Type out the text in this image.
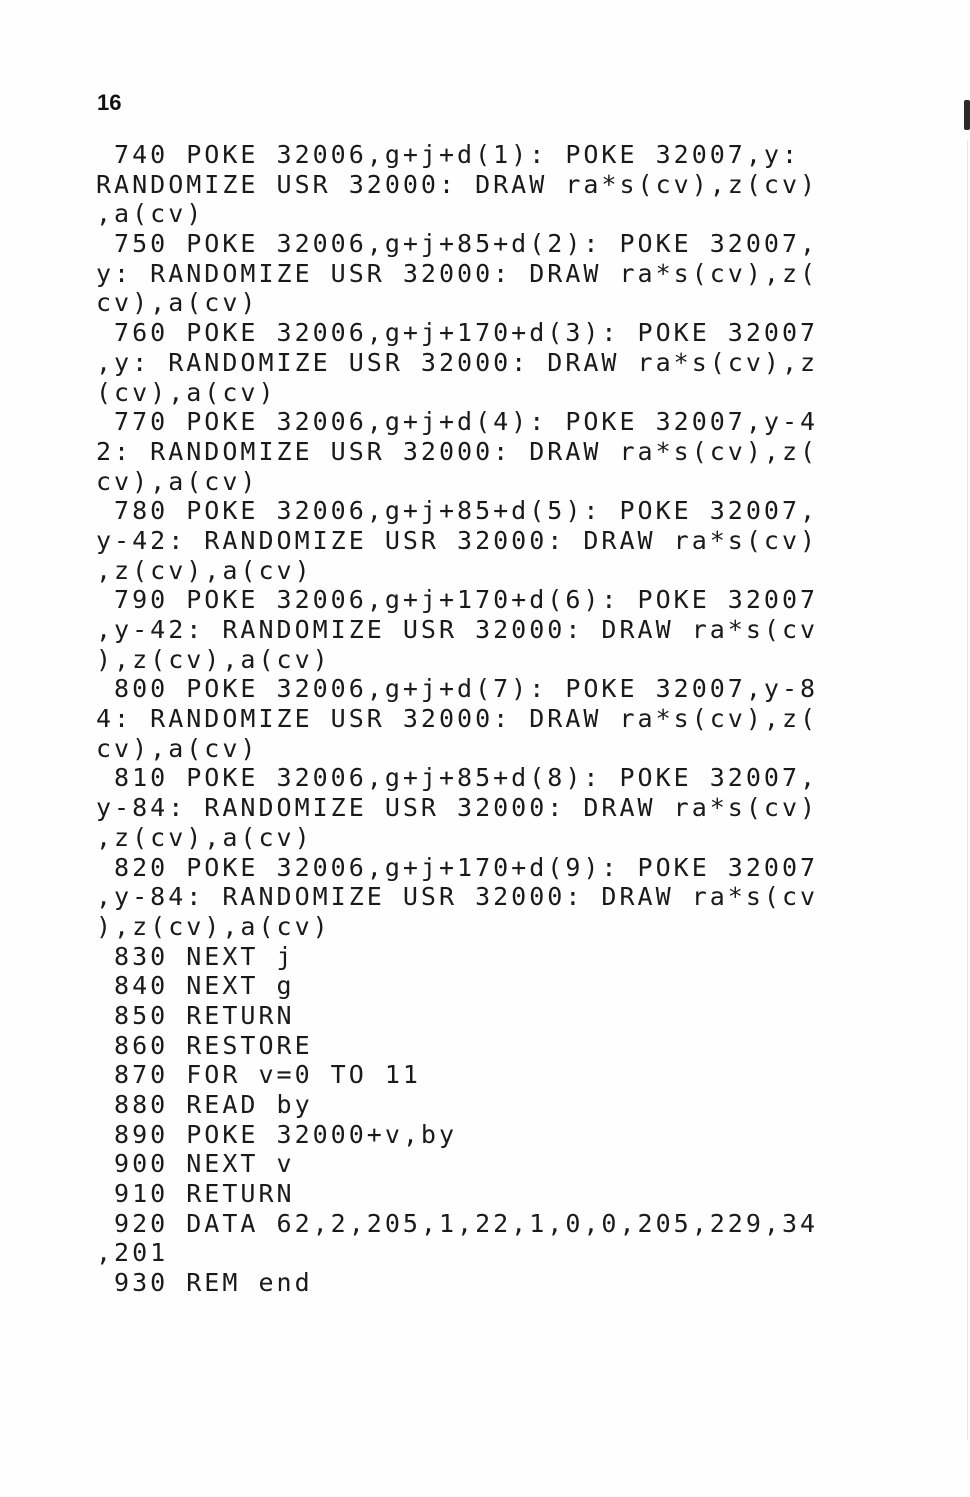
16
740 POKE 32006,g+j+d(1): POKE 32007,y:
RANDOMIZE USR 32000: DRAW ra*s(cv),z(cv)
,a(cv)
750 POKE 32006,g+j+85+d(2): POKE 32007,
y: RANDOMIZE USR 32000: DRAW ra*s(cv),z(
cv),a(cv)
760 POKE 32006,g+j+170+d(3): POKE 32007
,y: RANDOMIZE USR 32000: DRAW ra*s(cv),z
(cv),a(cv)
770 POKE 32006,g+j+d(4): POKE 32007,y-4
2: RANDOMIZE USR 32000: DRAW ra*s(cv),z(
cv),a(cv)
780 POKE 32006,g+j+85+d(5): POKE 32007,
y-42: RANDOMIZE USR 32000: DRAW ra*s(cv)
,z(cv),a(cv)
790 POKE 32006,g+j+170+d(6): POKE 32007
,y-42: RANDOMIZE USR 32000: DRAW ra*s(cv
),z(cv),a(cv)
800 POKE 32006,g+j+d(7): POKE 32007,y-8
4: RANDOMIZE USR 32000: DRAW ra*s(cv),z(
cv),a(cv)
810 POKE 32006,g+j+85+d(8): POKE 32007,
y-84: RANDOMIZE USR 32000: DRAW ra*s(cv)
,z(cv),a(cv)
820 POKE 32006,g+j+170+d(9): POKE 32007
,y-84: RANDOMIZE USR 32000: DRAW ra*s(cv
),z(cv),a(cv)
830 NEXT j
840 NEXT g
850 RETURN
860 RESTORE
870 FOR v=0 TO 11
880 READ by
890 POKE 32000+v,by
900 NEXT v
910 RETURN
920 DATA 62,2,205,1,22,1,0,0,205,229,34
,201
930 REM end
